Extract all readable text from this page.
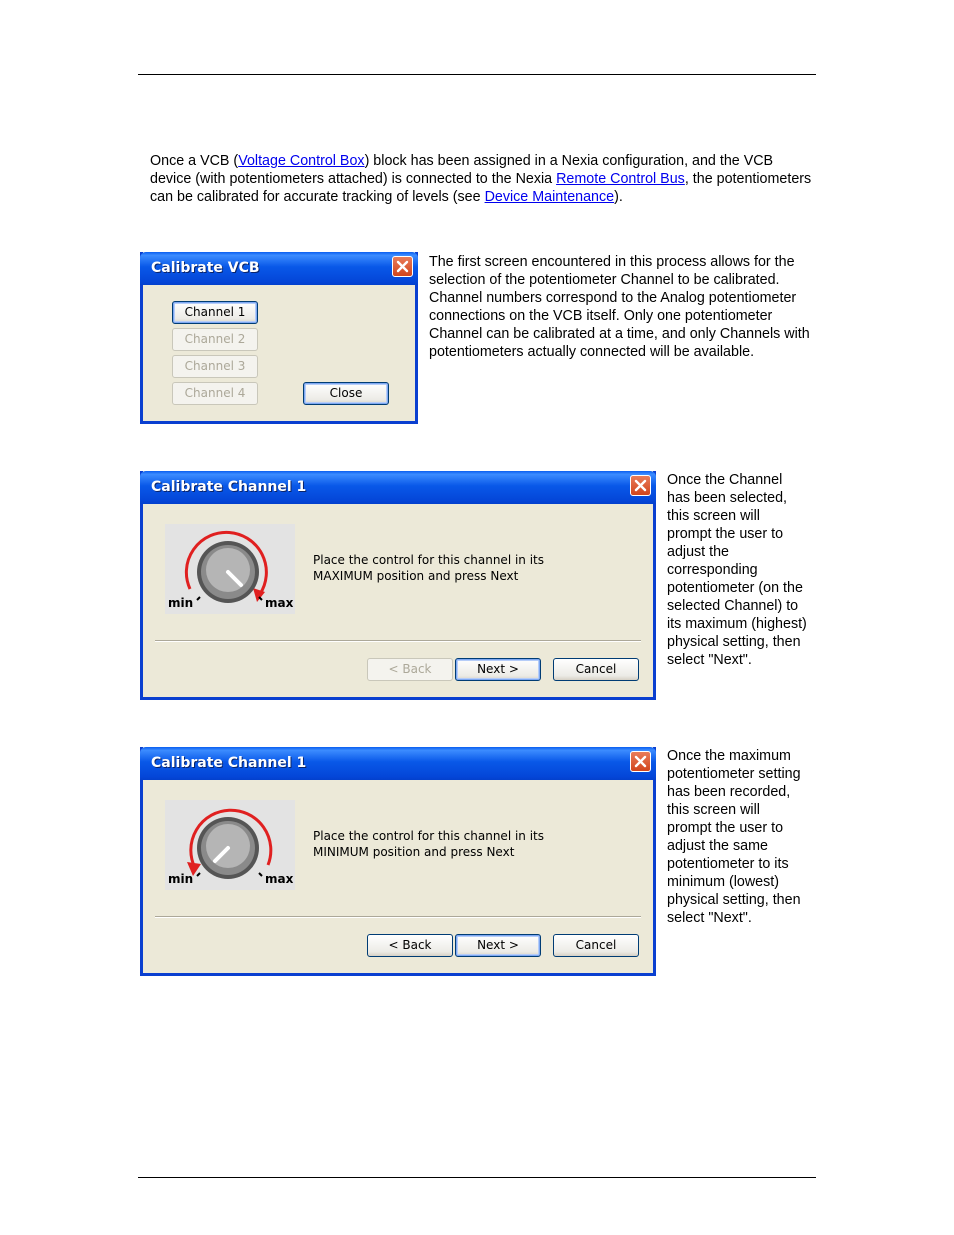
Once a VCB (Voltage Control Box) block has been assigned in a Nexia configuration, and the VCB device (with potentiometers attached) is connected to the Nexia Remote Control Bus, the potentiometers can be calibrated for accurate tracking of levels (see Device Maintenance).

Calibrate VCB
Channel 1
Channel 2
Channel 3
Channel 4	Close

The first screen encountered in this process allows for the selection of the potentiometer Channel to be calibrated. Channel numbers correspond to the Analog potentiometer connections on the VCB itself. Only one potentiometer Channel can be calibrated at a time, and only Channels with potentiometers actually connected will be available.

Calibrate Channel 1
min	max
Place the control for this channel in its
MAXIMUM position and press Next
< Back	Next >	Cancel

Once the Channel has been selected, this screen will prompt the user to adjust the corresponding potentiometer (on the selected Channel) to its maximum (highest) physical setting, then select "Next".

Calibrate Channel 1
min	max
Place the control for this channel in its
MINIMUM position and press Next
< Back	Next >	Cancel

Once the maximum potentiometer setting has been recorded, this screen will prompt the user to adjust the same potentiometer to its minimum (lowest) physical setting, then select "Next".
